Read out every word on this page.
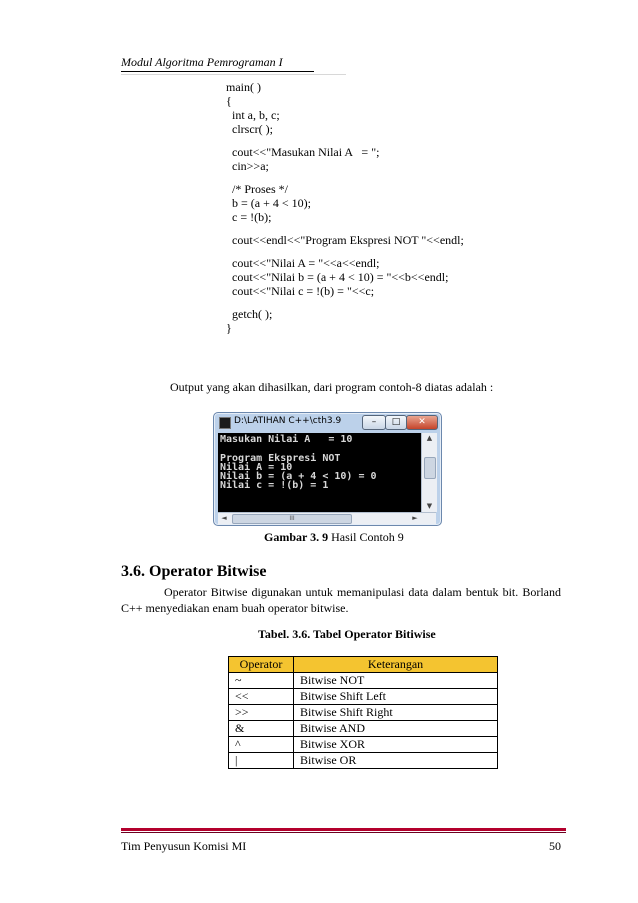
Modul Algoritma Pemrograman I
main( )
{
int a, b, c;
clrscr( );
cout<<"Masukan Nilai A   = ";
cin>>a;
/* Proses */
b = (a + 4 < 10);
c = !(b);
cout<<endl<<"Program Ekspresi NOT "<<endl;
cout<<"Nilai A = "<<a<<endl;
cout<<"Nilai b = (a + 4 < 10) = "<<b<<endl;
cout<<"Nilai c = !(b) = "<<c;
getch( );
}
Output yang akan dihasilkan, dari program contoh-8 diatas adalah :
D:\LATIHAN C++\cth3.9	–	□	✕
Masukan Nilai A   = 10
Program Ekspresi NOT
Nilai A = 10
Nilai b = (a + 4 < 10) = 0
Nilai c = !(b) = 1
▲
▼
◄	III	►
Gambar 3. 9 Hasil Contoh 9
3.6. Operator Bitwise
Operator Bitwise digunakan untuk memanipulasi data dalam bentuk bit. Borland C++ menyediakan enam buah operator bitwise.
Tabel. 3.6. Tabel Operator Bitiwise
Operator	Keterangan
~	Bitwise NOT
<<	Bitwise Shift Left
>>	Bitwise Shift Right
&	Bitwise AND
^	Bitwise XOR
|	Bitwise OR
Tim Penyusun Komisi MI	50
